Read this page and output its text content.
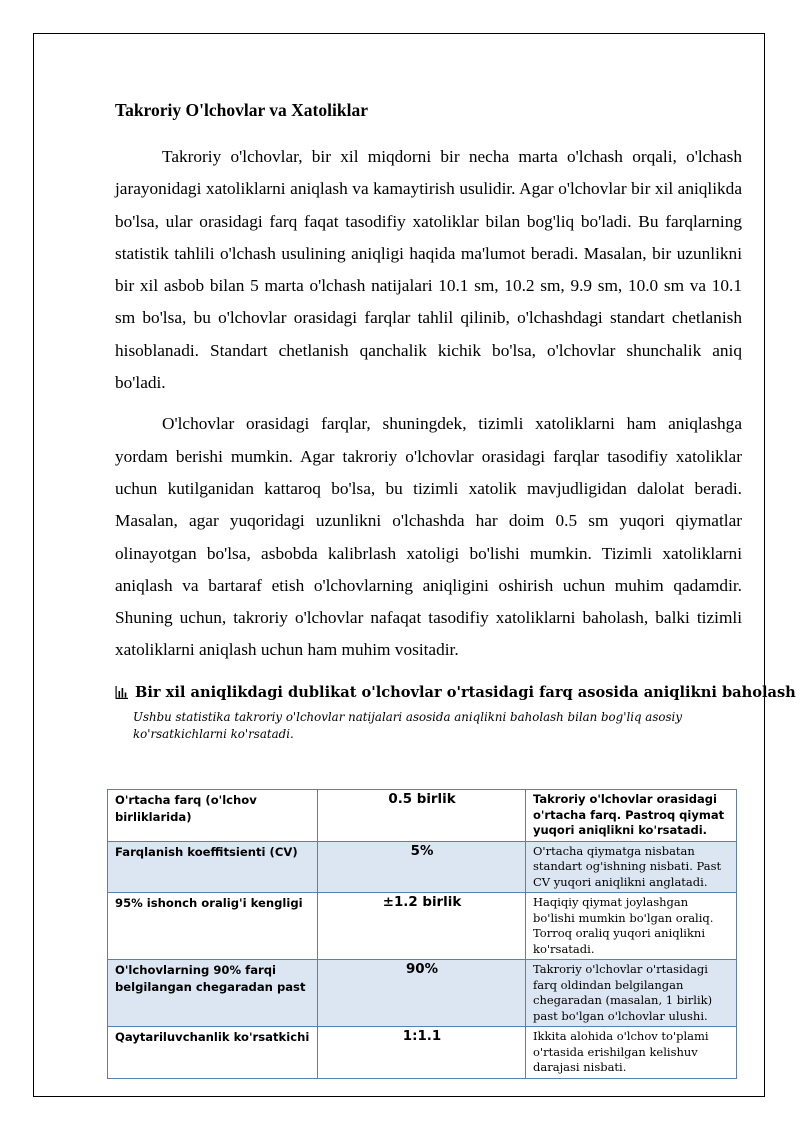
Takroriy O'lchovlar va Xatoliklar

Takroriy o'lchovlar, bir xil miqdorni bir necha marta o'lchash orqali, o'lchash jarayonidagi xatoliklarni aniqlash va kamaytirish usulidir. Agar o'lchovlar bir xil aniqlikda bo'lsa, ular orasidagi farq faqat tasodifiy xatoliklar bilan bog'liq bo'ladi. Bu farqlarning statistik tahlili o'lchash usulining aniqligi haqida ma'lumot beradi. Masalan, bir uzunlikni bir xil asbob bilan 5 marta o'lchash natijalari 10.1 sm, 10.2 sm, 9.9 sm, 10.0 sm va 10.1 sm bo'lsa, bu o'lchovlar orasidagi farqlar tahlil qilinib, o'lchashdagi standart chetlanish hisoblanadi. Standart chetlanish qanchalik kichik bo'lsa, o'lchovlar shunchalik aniq bo'ladi.

O'lchovlar orasidagi farqlar, shuningdek, tizimli xatoliklarni ham aniqlashga yordam berishi mumkin. Agar takroriy o'lchovlar orasidagi farqlar tasodifiy xatoliklar uchun kutilganidan kattaroq bo'lsa, bu tizimli xatolik mavjudligidan dalolat beradi. Masalan, agar yuqoridagi uzunlikni o'lchashda har doim 0.5 sm yuqori qiymatlar olinayotgan bo'lsa, asbobda kalibrlash xatoligi bo'lishi mumkin. Tizimli xatoliklarni aniqlash va bartaraf etish o'lchovlarning aniqligini oshirish uchun muhim qadamdir. Shuning uchun, takroriy o'lchovlar nafaqat tasodifiy xatoliklarni baholash, balki tizimli xatoliklarni aniqlash uchun ham muhim vositadir.

Bir xil aniqlikdagi dublikat o'lchovlar o'rtasidagi farq asosida aniqlikni baholash

Ushbu statistika takroriy o'lchovlar natijalari asosida aniqlikni baholash bilan bog'liq asosiy ko'rsatkichlarni ko'rsatadi.

O'rtacha farq (o'lchov birliklarida)	0.5 birlik	Takroriy o'lchovlar orasidagi o'rtacha farq. Pastroq qiymat yuqori aniqlikni ko'rsatadi.
Farqlanish koeffitsienti (CV)	5%	O'rtacha qiymatga nisbatan standart og'ishning nisbati. Past CV yuqori aniqlikni anglatadi.
95% ishonch oralig'i kengligi	±1.2 birlik	Haqiqiy qiymat joylashgan bo'lishi mumkin bo'lgan oraliq. Torroq oraliq yuqori aniqlikni ko'rsatadi.
O'lchovlarning 90% farqi belgilangan chegaradan past	90%	Takroriy o'lchovlar o'rtasidagi farq oldindan belgilangan chegaradan (masalan, 1 birlik) past bo'lgan o'lchovlar ulushi.
Qaytariluvchanlik ko'rsatkichi	1:1.1	Ikkita alohida o'lchov to'plami o'rtasida erishilgan kelishuv darajasi nisbati.
